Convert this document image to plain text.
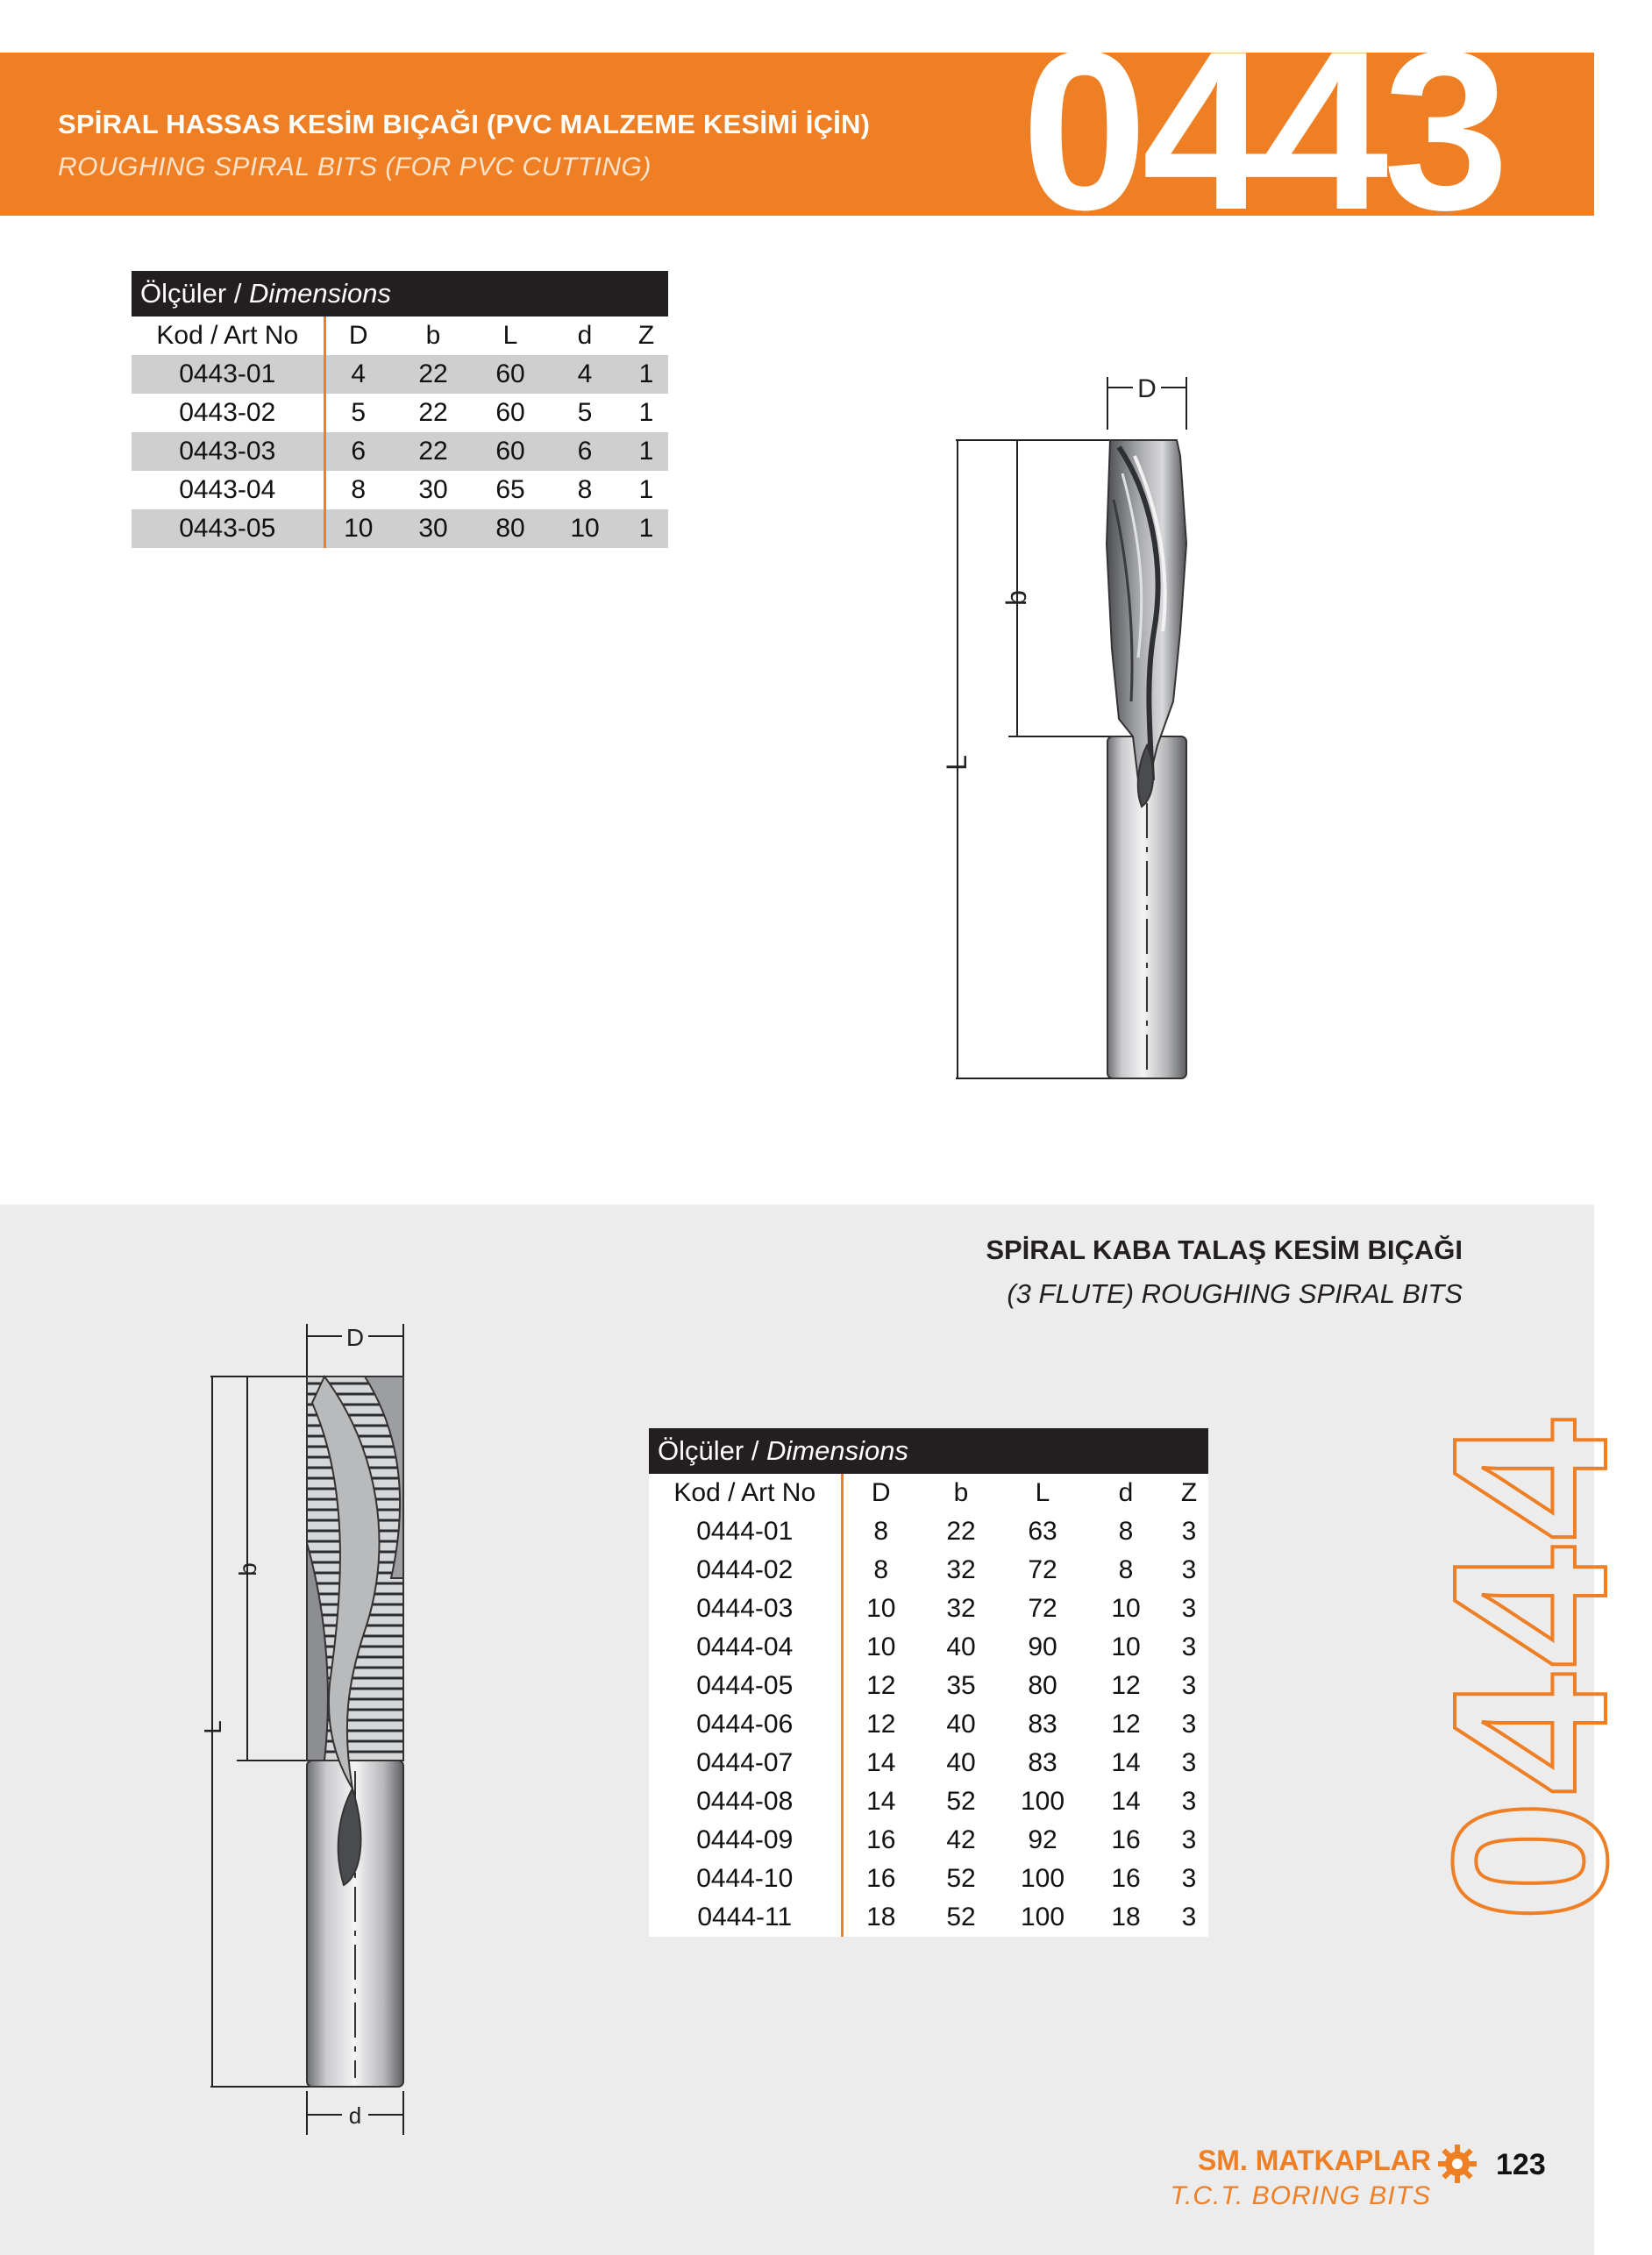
SPİRAL HASSAS KESİM BIÇAĞI (PVC MALZEME KESİMİ İÇİN)
ROUGHING SPIRAL BITS (FOR PVC CUTTING) 0443
Ölçüler / Dimensions					
Kod / Art No	D	b	L	d	Z
0443-01	4	22	60	4	1
0443-02	5	22	60	5	1
0443-03	6	22	60	6	1
0443-04	8	30	65	8	1
0443-05	10	30	80	10	1
D
L
b
SPİRAL KABA TALAŞ KESİM BIÇAĞI
(3 FLUTE) ROUGHING SPIRAL BITS
0444
D
L
b
d
Ölçüler / Dimensions					
Kod / Art No	D	b	L	d	Z
0444-01	8	22	63	8	3
0444-02	8	32	72	8	3
0444-03	10	32	72	10	3
0444-04	10	40	90	10	3
0444-05	12	35	80	12	3
0444-06	12	40	83	12	3
0444-07	14	40	83	14	3
0444-08	14	52	100	14	3
0444-09	16	42	92	16	3
0444-10	16	52	100	16	3
0444-11	18	52	100	18	3
SM. MATKAPLAR
T.C.T. BORING BITS
123
